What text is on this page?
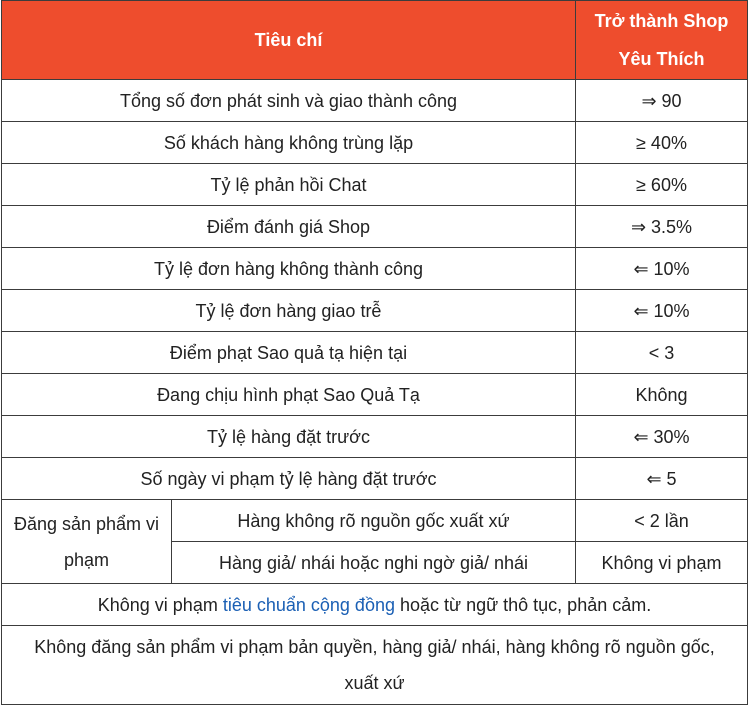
Tiêu chí		Trở thành Shop Yêu Thích
Tổng số đơn phát sinh và giao thành công		⇒ 90
Số khách hàng không trùng lặp		≥ 40%
Tỷ lệ phản hồi Chat		≥ 60%
Điểm đánh giá Shop		⇒ 3.5%
Tỷ lệ đơn hàng không thành công		⇐ 10%
Tỷ lệ đơn hàng giao trễ		⇐ 10%
Điểm phạt Sao quả tạ hiện tại		< 3
Đang chịu hình phạt Sao Quả Tạ		Không
Tỷ lệ hàng đặt trước		⇐ 30%
Số ngày vi phạm tỷ lệ hàng đặt trước		⇐ 5
Đăng sản phẩm vi phạm	Hàng không rõ nguồn gốc xuất xứ	< 2 lần
	Hàng giả/ nhái hoặc nghi ngờ giả/ nhái	Không vi phạm
Không vi phạm tiêu chuẩn cộng đồng hoặc từ ngữ thô tục, phản cảm.		
Không đăng sản phẩm vi phạm bản quyền, hàng giả/ nhái, hàng không rõ nguồn gốc, xuất xứ		
